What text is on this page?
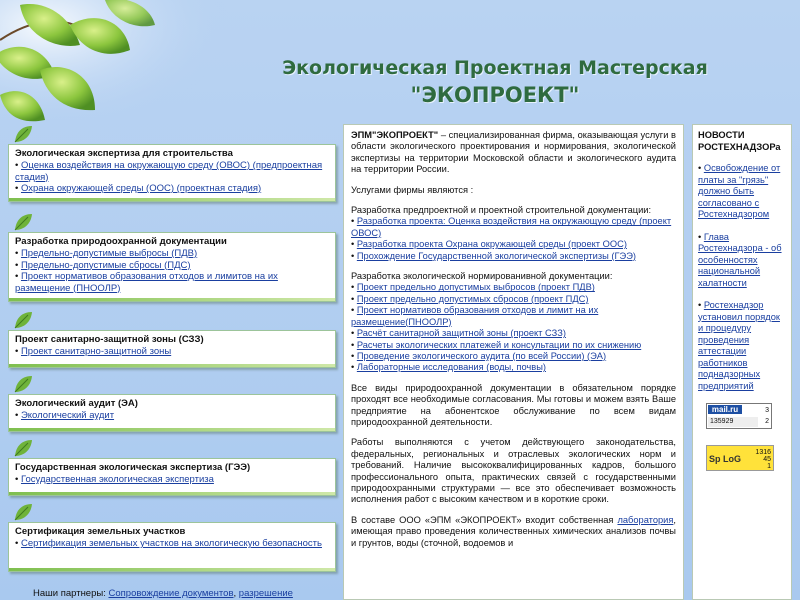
Экологическая Проектная Мастерская
"ЭКОПРОЕКТ"
Экологическая экспертиза для строительства
• Оценка воздействия на окружающую среду (ОВОС) (предпроектная стадия)
• Охрана окружающей среды (ООС) (проектная стадия)
Разработка природоохранной документации
• Предельно-допустимые выбросы (ПДВ)
• Предельно-допустимые сбросы (ПДС)
• Проект нормативов образования отходов и лимитов на их размещение (ПНООЛР)
Проект санитарно-защитной зоны (СЗЗ)
• Проект санитарно-защитной зоны
Экологический аудит (ЭА)
• Экологический аудит
Государственная экологическая экспертиза (ГЭЭ)
• Государственная экологическая экспертиза
Сертификация земельных участков
• Сертификация земельных участков на экологическую безопасность
Наши партнеры: Сопровождение документов, разрешение

ЭПМ"ЭКОПРОЕКТ" – специализированная фирма, оказывающая услуги в области экологического проектирования и нормирования, экологической экспертизы на территории Московской области и экологического аудита на территории России.

Услугами фирмы являются :

Разработка предпроектной и проектной строительной документации:

• Разработка проекта: Оценка воздействия на окружающую среду (проект ОВОС)
• Разработка проекта Охрана окружающей среды (проект ООС)
• Прохождение Государственной экологической экспертизы (ГЭЭ)

Разработка экологической нормированивной документации:

• Проект предельно допустимых выбросов (проект ПДВ)
• Проект предельно допустимых сбросов (проект ПДС)
• Проект нормативов образования отходов и лимит на их размещение(ПНООЛР)
• Расчёт санитарной защитной зоны (проект СЗЗ)
• Расчеты экологических платежей и консультации по их снижению
• Проведение экологического аудита (по всей России) (ЭА)
• Лабораторные исследования (воды, почвы)

Все виды природоохранной документации в обязательном порядке проходят все необходимые согласования. Мы готовы и можем взять Ваше предприятие на абонентское обслуживание по всем видам природоохранной деятельности.

Работы выполняются с учетом действующего законодательства, федеральных, региональных и отраслевых экологических норм и требований. Наличие высококвалифицированных кадров, большого профессионального опыта, практических связей с государственными природоохранными структурами — все это обеспечивает возможность исполнения работ с высоким качеством и в короткие сроки.

В составе ООО «ЭПМ «ЭКОПРОЕКТ» входит собственная лаборатория, имеющая право проведения количественных химических анализов почвы и грунтов, воды (сточной, водоемов и

НОВОСТИ РОСТЕХНАДЗОРа
• Освобождение от платы за "грязь" должно быть согласовано с Ростехнадзором
• Глава Ростехнадзора - об особенностях национальной халатности
• Ростехнадзор установил порядок и процедуру проведения аттестации работников поднадзорных предприятий
mail.ru
135929
3
2
Sp LoG
1316
45
1
